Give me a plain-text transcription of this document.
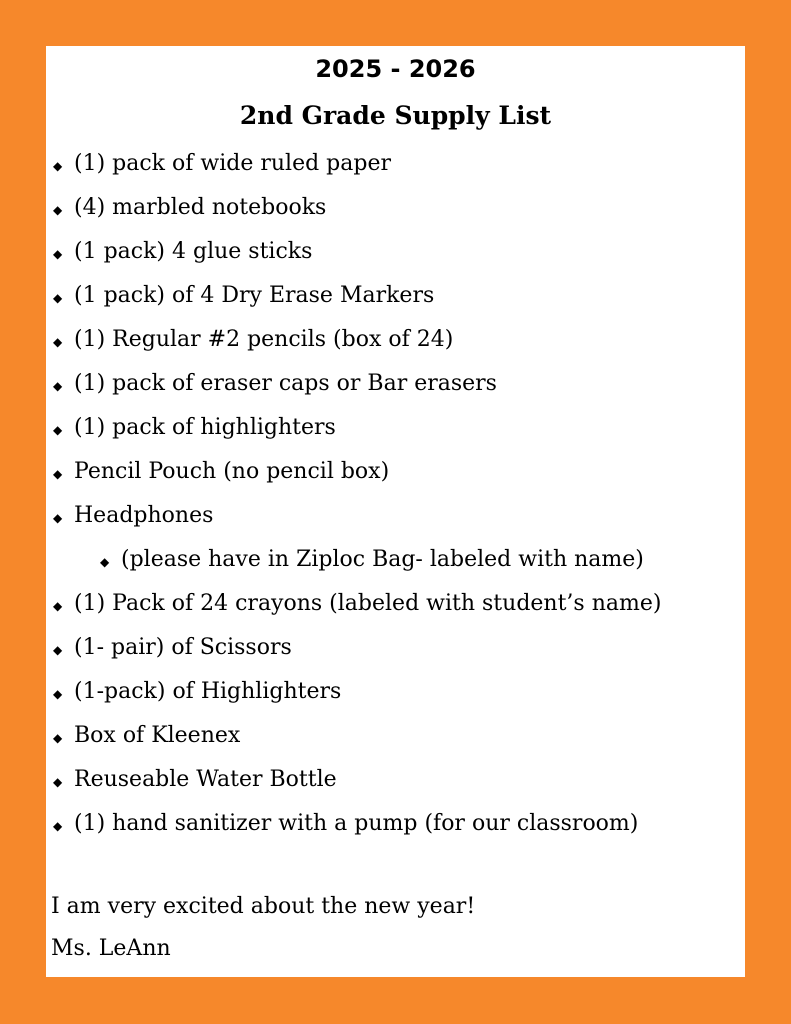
2025 - 2026
2nd Grade Supply List
◆ (1) pack of wide ruled paper
◆ (4) marbled notebooks
◆ (1 pack) 4 glue sticks
◆ (1 pack) of 4 Dry Erase Markers
◆ (1) Regular #2 pencils (box of 24)
◆ (1) pack of eraser caps or Bar erasers
◆ (1) pack of highlighters
◆ Pencil Pouch (no pencil box)
◆ Headphones
◆ (please have in Ziploc Bag- labeled with name)
◆ (1) Pack of 24 crayons (labeled with student’s name)
◆ (1- pair) of Scissors
◆ (1-pack) of Highlighters
◆ Box of Kleenex
◆ Reuseable Water Bottle
◆ (1) hand sanitizer with a pump (for our classroom)

I am very excited about the new year!

Ms. LeAnn
